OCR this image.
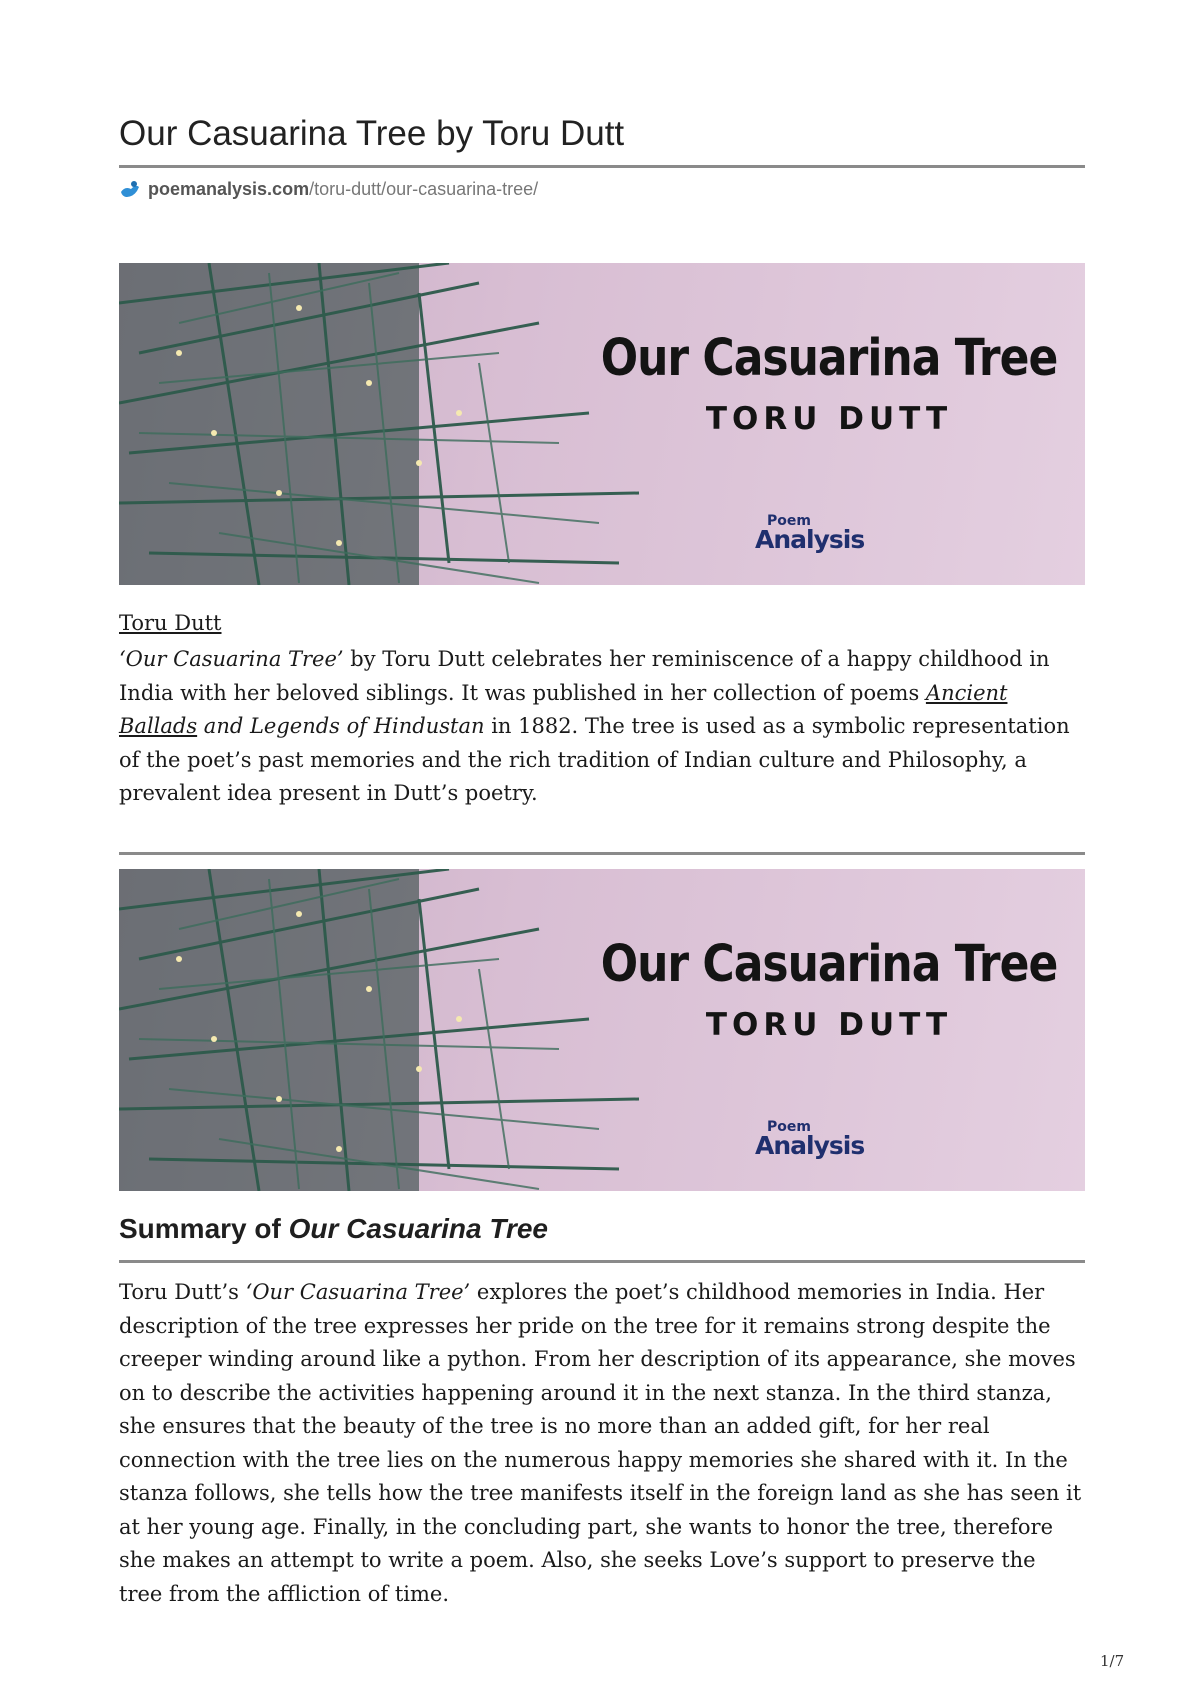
Our Casuarina Tree by Toru Dutt
poemanalysis.com /toru-dutt/our-casuarina-tree/
Our Casuarina Tree
TORU DUTT
Poem
Analysis
Toru Dutt

‘Our Casuarina Tree’ by Toru Dutt celebrates her reminiscence of a happy childhood in India with her beloved siblings. It was published in her collection of poems Ancient Ballads and Legends of Hindustan in 1882. The tree is used as a symbolic representation of the poet’s past memories and the rich tradition of Indian culture and Philosophy, a prevalent idea present in Dutt’s poetry.

Our Casuarina Tree
TORU DUTT
Poem
Analysis
Summary of Our Casuarina Tree

Toru Dutt’s ‘Our Casuarina Tree’ explores the poet’s childhood memories in India. Her description of the tree expresses her pride on the tree for it remains strong despite the creeper winding around like a python. From her description of its appearance, she moves on to describe the activities happening around it in the next stanza. In the third stanza, she ensures that the beauty of the tree is no more than an added gift, for her real connection with the tree lies on the numerous happy memories she shared with it. In the stanza follows, she tells how the tree manifests itself in the foreign land as she has seen it at her young age. Finally, in the concluding part, she wants to honor the tree, therefore she makes an attempt to write a poem. Also, she seeks Love’s support to preserve the tree from the affliction of time.

1/7
